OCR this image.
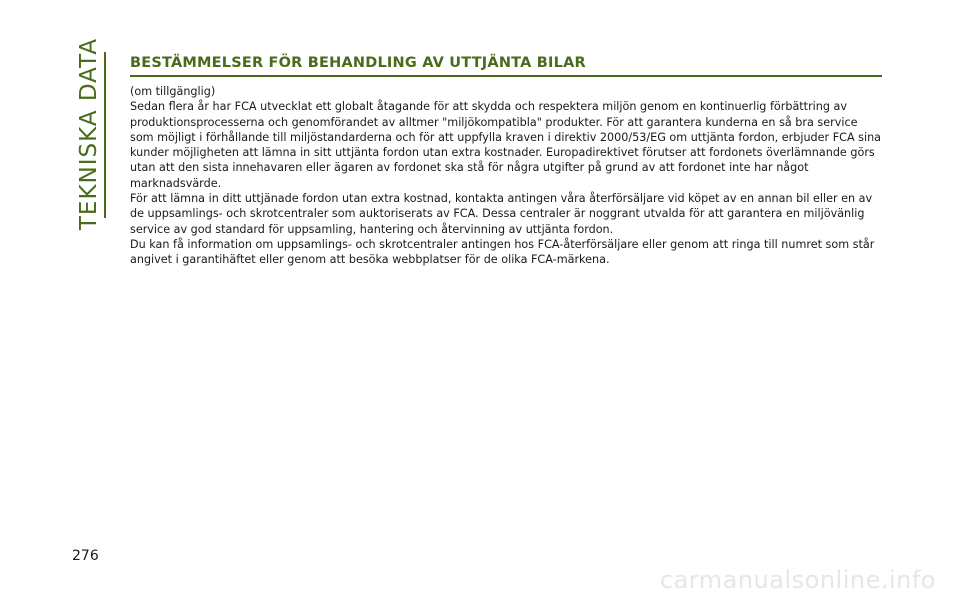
TEKNISKA DATA BESTÄMMELSER FÖR BEHANDLING AV UTTJÄNTA BILAR

(om tillgänglig)

Sedan flera år har FCA utvecklat ett globalt åtagande för att skydda och respektera miljön genom en kontinuerlig förbättring av produktionsprocesserna och genomförandet av alltmer "miljökompatibla" produkter. För att garantera kunderna en så bra service som möjligt i förhållande till miljöstandarderna och för att uppfylla kraven i direktiv 2000/53/EG om uttjänta fordon, erbjuder FCA sina kunder möjligheten att lämna in sitt uttjänta fordon utan extra kostnader. Europadirektivet förutser att fordonets överlämnande görs utan att den sista innehavaren eller ägaren av fordonet ska stå för några utgifter på grund av att fordonet inte har något marknadsvärde.

För att lämna in ditt uttjänade fordon utan extra kostnad, kontakta antingen våra återförsäljare vid köpet av en annan bil eller en av de uppsamlings- och skrotcentraler som auktoriserats av FCA. Dessa centraler är noggrant utvalda för att garantera en miljövänlig service av god standard för uppsamling, hantering och återvinning av uttjänta fordon.

Du kan få information om uppsamlings- och skrotcentraler antingen hos FCA-återförsäljare eller genom att ringa till numret som står angivet i garantihäftet eller genom att besöka webbplatser för de olika FCA-märkena.

276
carmanualsonline.info
